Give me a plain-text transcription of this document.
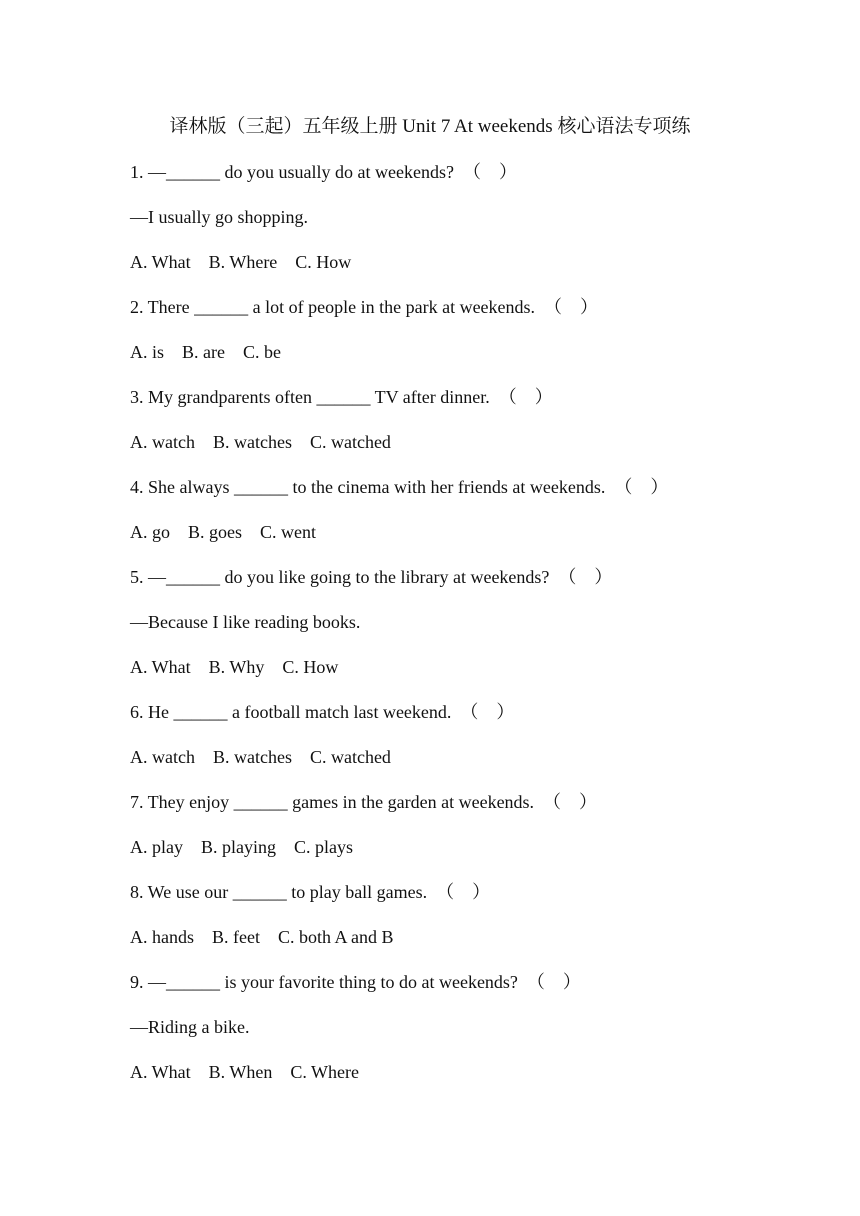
译林版（三起）五年级上册 Unit 7 At weekends 核心语法专项练
1. —______ do you usually do at weekends?  （    ）
—I usually go shopping.
A. What    B. Where    C. How
2. There ______ a lot of people in the park at weekends.  （    ）
A. is    B. are    C. be
3. My grandparents often ______ TV after dinner.  （    ）
A. watch    B. watches    C. watched
4. She always ______ to the cinema with her friends at weekends.  （    ）
A. go    B. goes    C. went
5. —______ do you like going to the library at weekends?  （    ）
—Because I like reading books.
A. What    B. Why    C. How
6. He ______ a football match last weekend.  （    ）
A. watch    B. watches    C. watched
7. They enjoy ______ games in the garden at weekends.  （    ）
A. play    B. playing    C. plays
8. We use our ______ to play ball games.  （    ）
A. hands    B. feet    C. both A and B
9. —______ is your favorite thing to do at weekends?  （    ）
—Riding a bike.
A. What    B. When    C. Where
